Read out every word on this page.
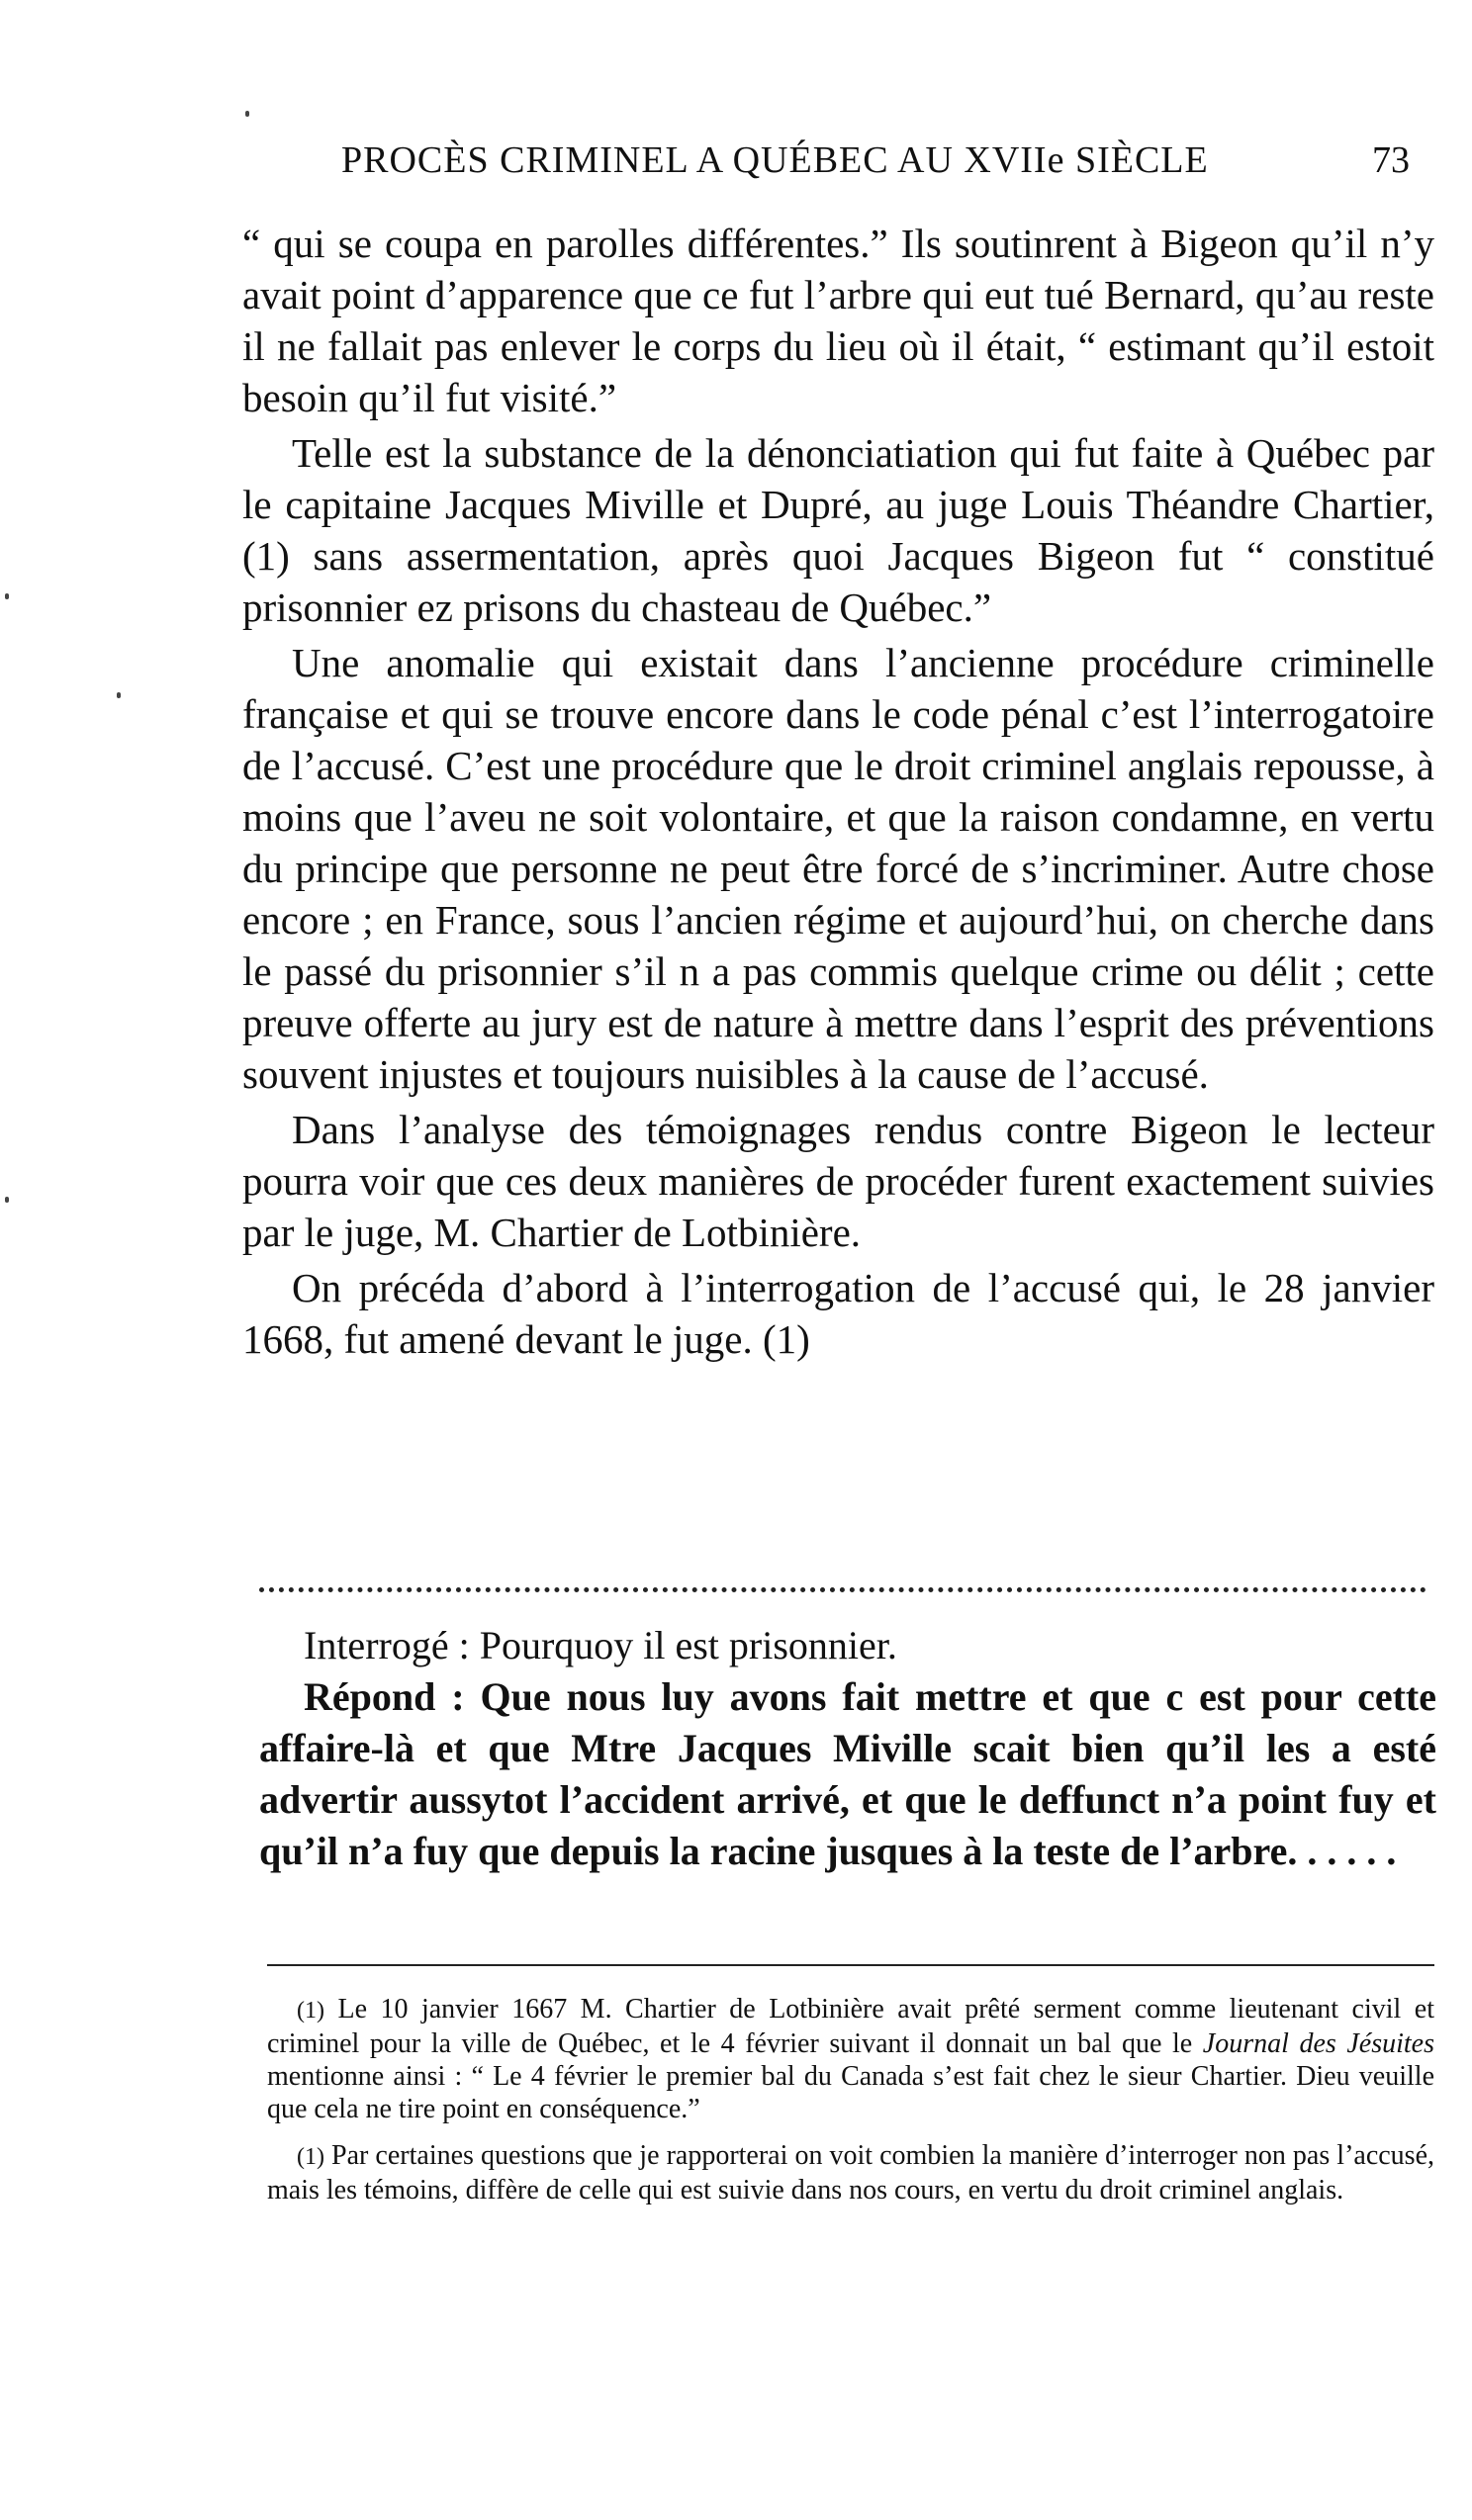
PROCÈS CRIMINEL A QUÉBEC AU XVIIe SIÈCLE	73

“ qui se coupa en parolles différentes.” Ils soutinrent à Bigeon qu’il n’y avait point d’apparence que ce fut l’arbre qui eut tué Bernard, qu’au reste il ne fallait pas enlever le corps du lieu où il était, “ estimant qu’il estoit besoin qu’il fut visité.”

Telle est la substance de la dénonciatiation qui fut faite à Québec par le capitaine Jacques Miville et Dupré, au juge Louis Théandre Chartier, (1) sans assermentation, après quoi Jacques Bigeon fut “ constitué prisonnier ez prisons du chasteau de Québec.”

Une anomalie qui existait dans l’ancienne procédure criminelle française et qui se trouve encore dans le code pénal c’est l’interrogatoire de l’accusé. C’est une procédure que le droit criminel anglais repousse, à moins que l’aveu ne soit volontaire, et que la raison condamne, en vertu du principe que personne ne peut être forcé de s’incriminer. Autre chose encore ; en France, sous l’ancien régime et aujourd’hui, on cherche dans le passé du prisonnier s’il n a pas commis quelque crime ou délit ; cette preuve offerte au jury est de nature à mettre dans l’esprit des préventions souvent injustes et toujours nuisibles à la cause de l’accusé.

Dans l’analyse des témoignages rendus contre Bigeon le lecteur pourra voir que ces deux manières de procéder furent exactement suivies par le juge, M. Chartier de Lotbinière.

On précéda d’abord à l’interrogation de l’accusé qui, le 28 janvier 1668, fut amené devant le juge. (1)

Interrogé : Pourquoy il est prisonnier.

Répond : Que nous luy avons fait mettre et que c est pour cette affaire-là et que Mtre Jacques Miville scait bien qu’il les a esté advertir aussytot l’accident arrivé, et que le deffunct n’a point fuy et qu’il n’a fuy que depuis la racine jusques à la teste de l’arbre. . . . . .

(1) Le 10 janvier 1667 M. Chartier de Lotbinière avait prêté serment comme lieutenant civil et criminel pour la ville de Québec, et le 4 février suivant il donnait un bal que le Journal des Jésuites mentionne ainsi : “ Le 4 février le premier bal du Canada s’est fait chez le sieur Chartier. Dieu veuille que cela ne tire point en conséquence.”

(1) Par certaines questions que je rapporterai on voit combien la manière d’interroger non pas l’accusé, mais les témoins, diffère de celle qui est suivie dans nos cours, en vertu du droit criminel anglais.
